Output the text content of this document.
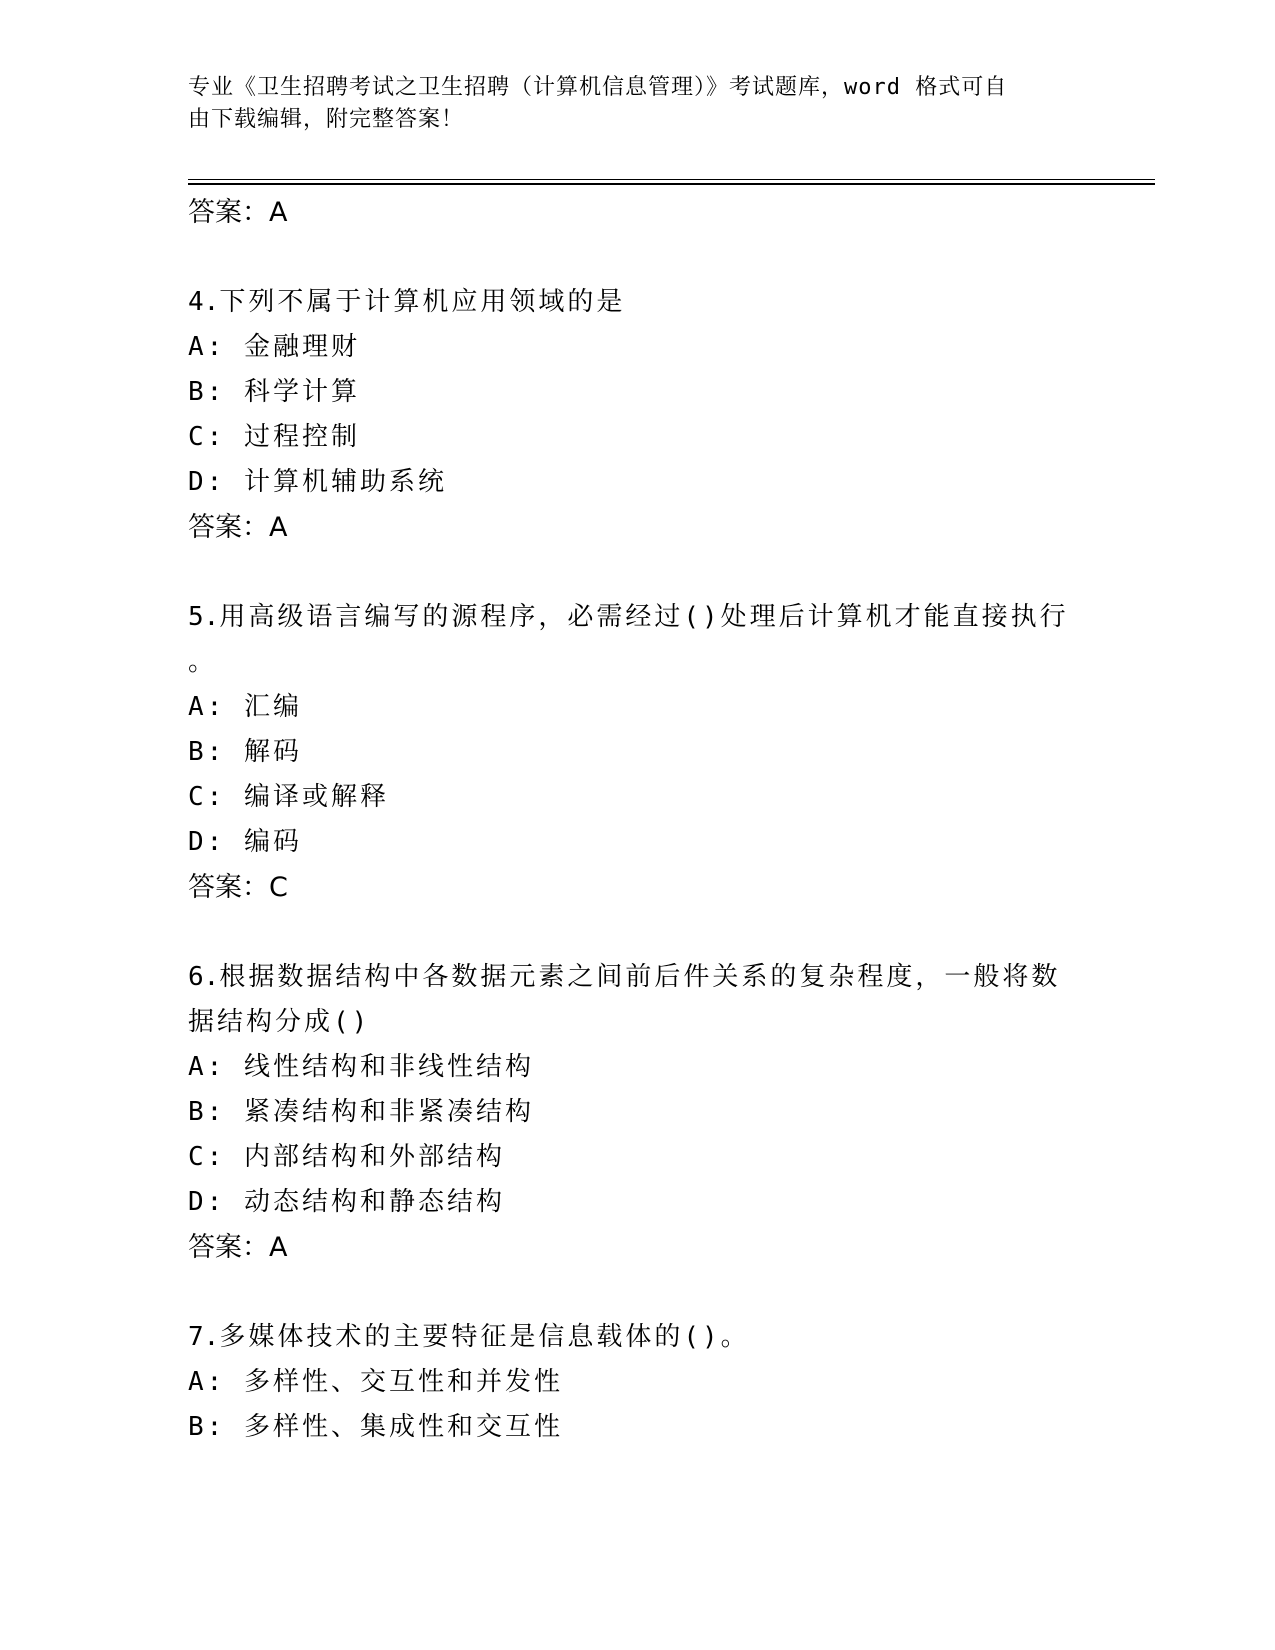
专业《卫生招聘考试之卫生招聘（计算机信息管理）》考试题库，word 格式可自
由下载编辑，附完整答案！
答案：A
4.下列不属于计算机应用领域的是
A: 金融理财
B: 科学计算
C: 过程控制
D: 计算机辅助系统
答案：A
5.用高级语言编写的源程序，必需经过()处理后计算机才能直接执行
。
A: 汇编
B: 解码
C: 编译或解释
D: 编码
答案：C
6.根据数据结构中各数据元素之间前后件关系的复杂程度，一般将数
据结构分成()
A: 线性结构和非线性结构
B: 紧凑结构和非紧凑结构
C: 内部结构和外部结构
D: 动态结构和静态结构
答案：A
7.多媒体技术的主要特征是信息载体的()。
A: 多样性、交互性和并发性
B: 多样性、集成性和交互性
